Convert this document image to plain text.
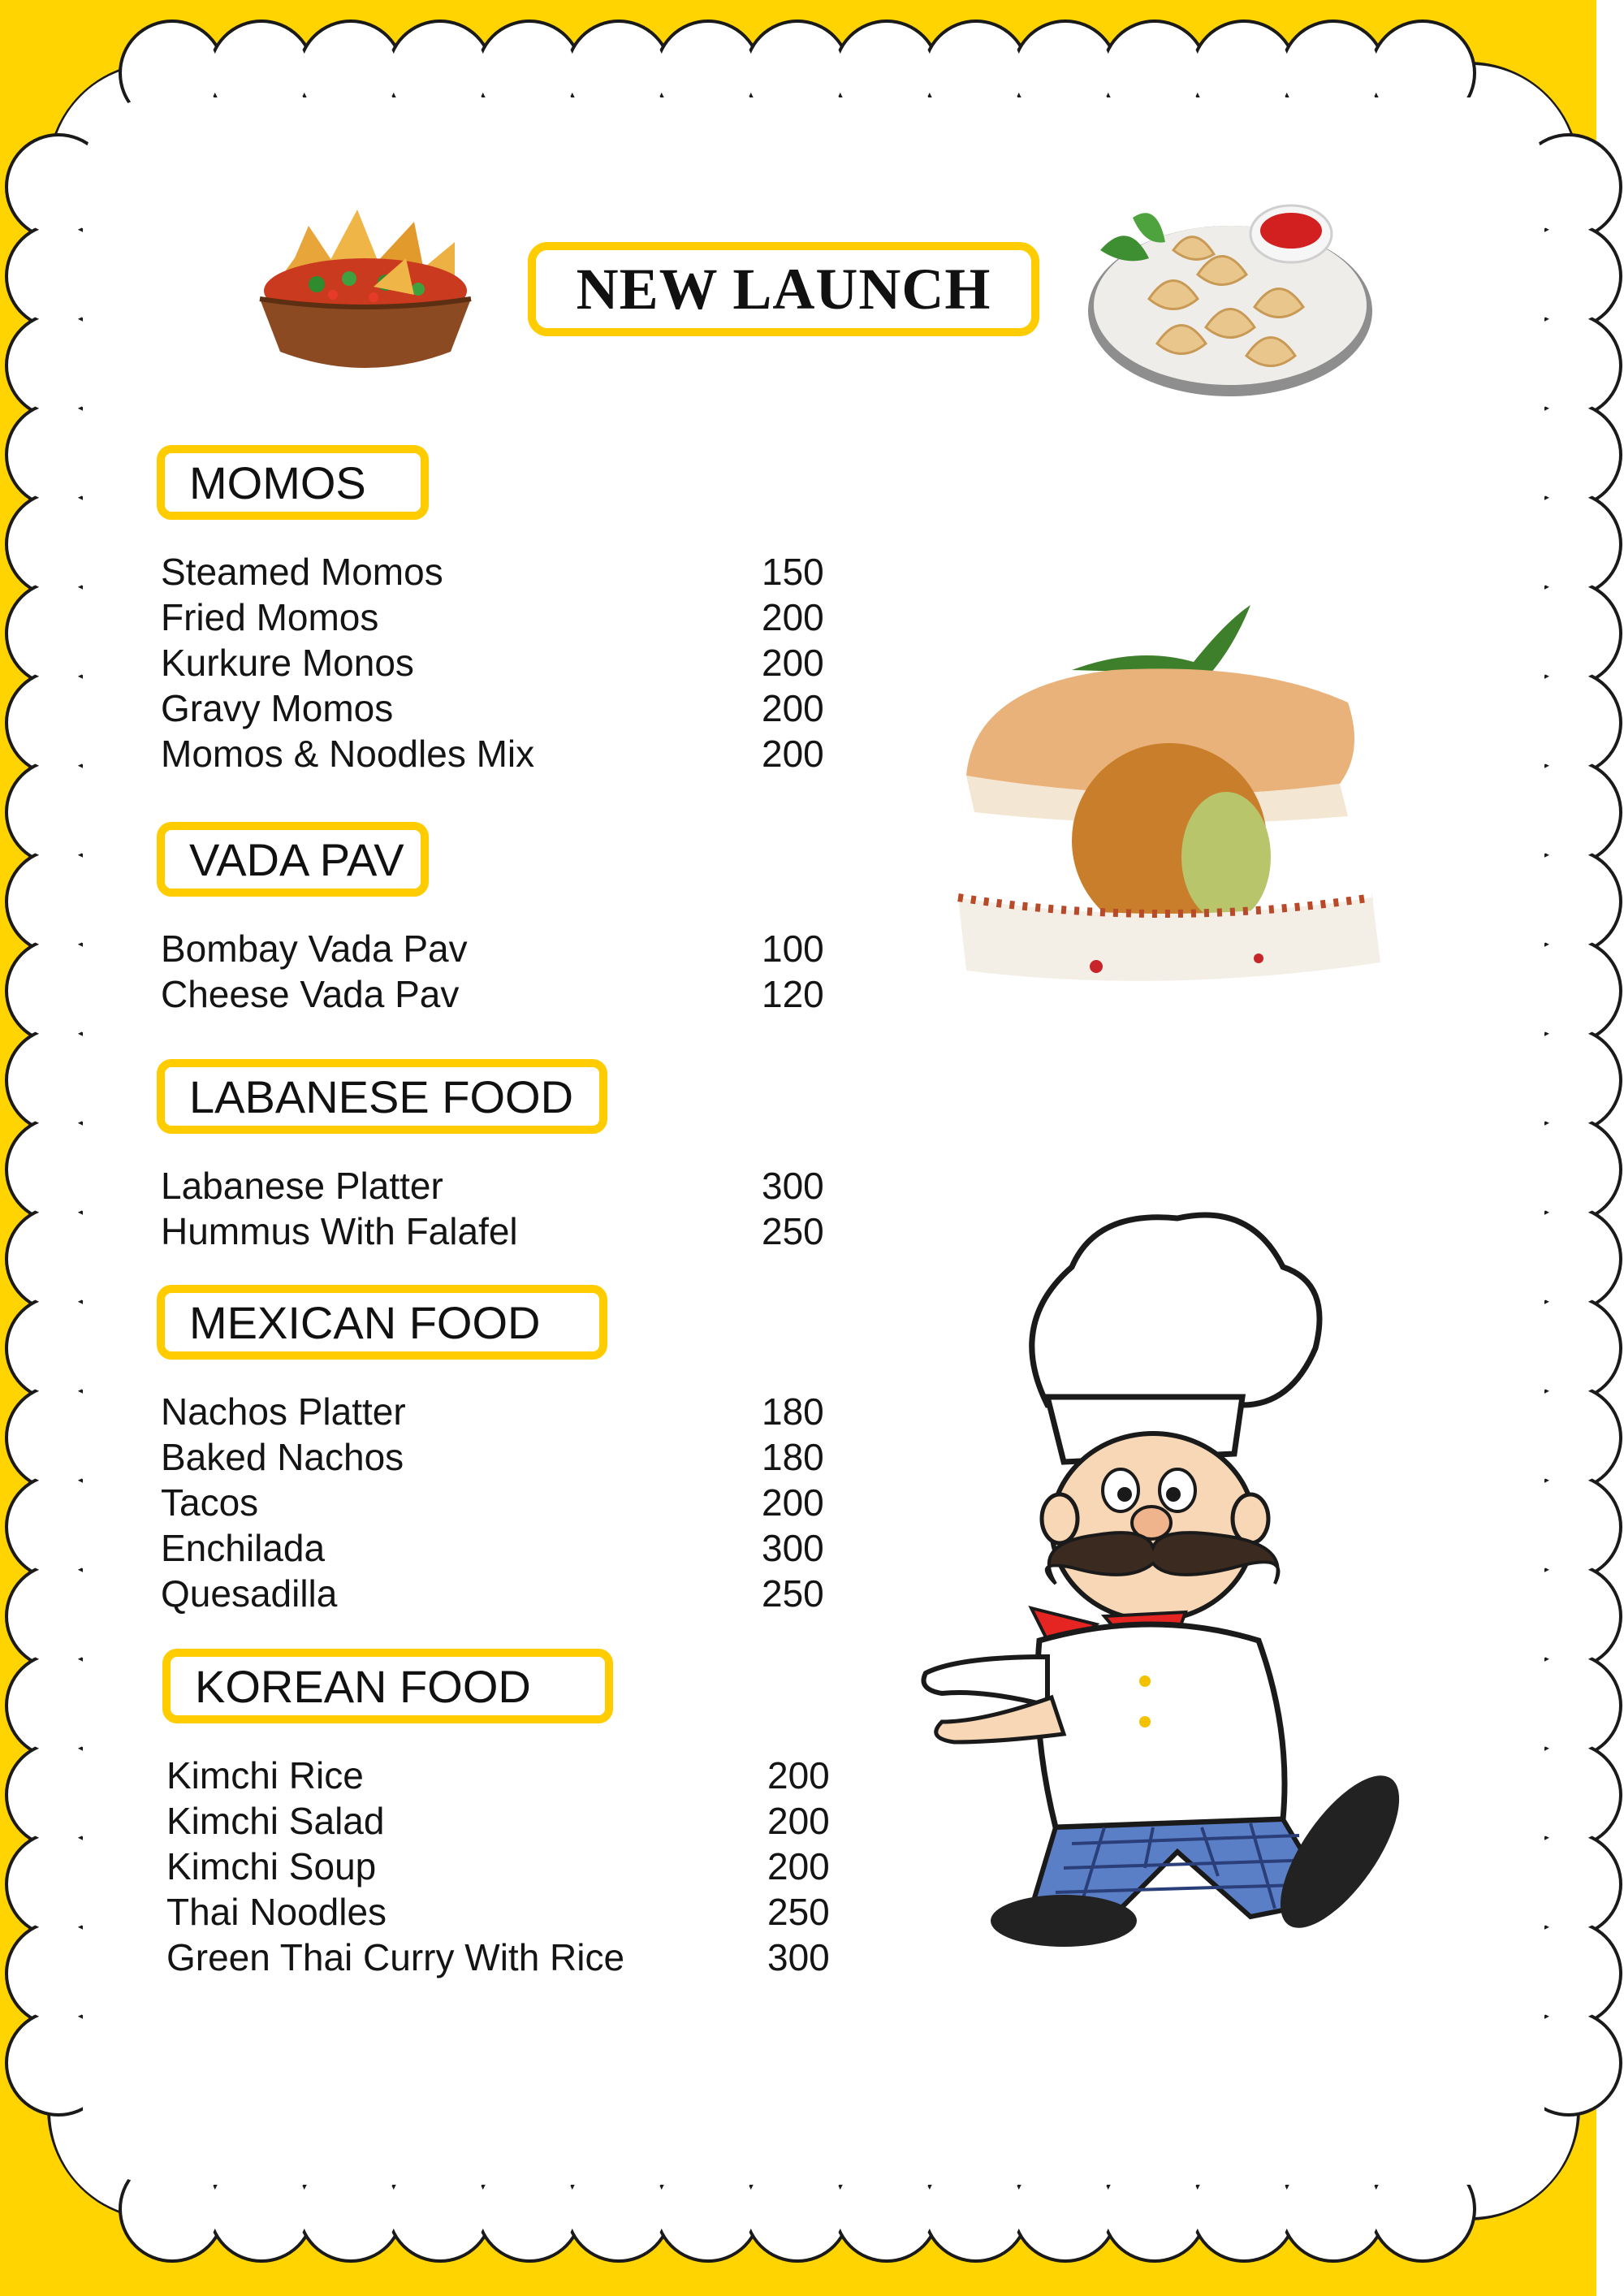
NEW LAUNCH
MOMOS
Steamed Momos	150
Fried Momos	200
Kurkure Monos	200
Gravy Momos	200
Momos & Noodles Mix	200
VADA PAV
Bombay Vada Pav	100
Cheese Vada Pav	120
LABANESE FOOD
Labanese Platter	300
Hummus With Falafel	250
MEXICAN FOOD
Nachos Platter	180
Baked Nachos	180
Tacos	200
Enchilada	300
Quesadilla	250
KOREAN FOOD
Kimchi Rice	200
Kimchi Salad	200
Kimchi Soup	200
Thai Noodles	250
Green Thai Curry With Rice	300
